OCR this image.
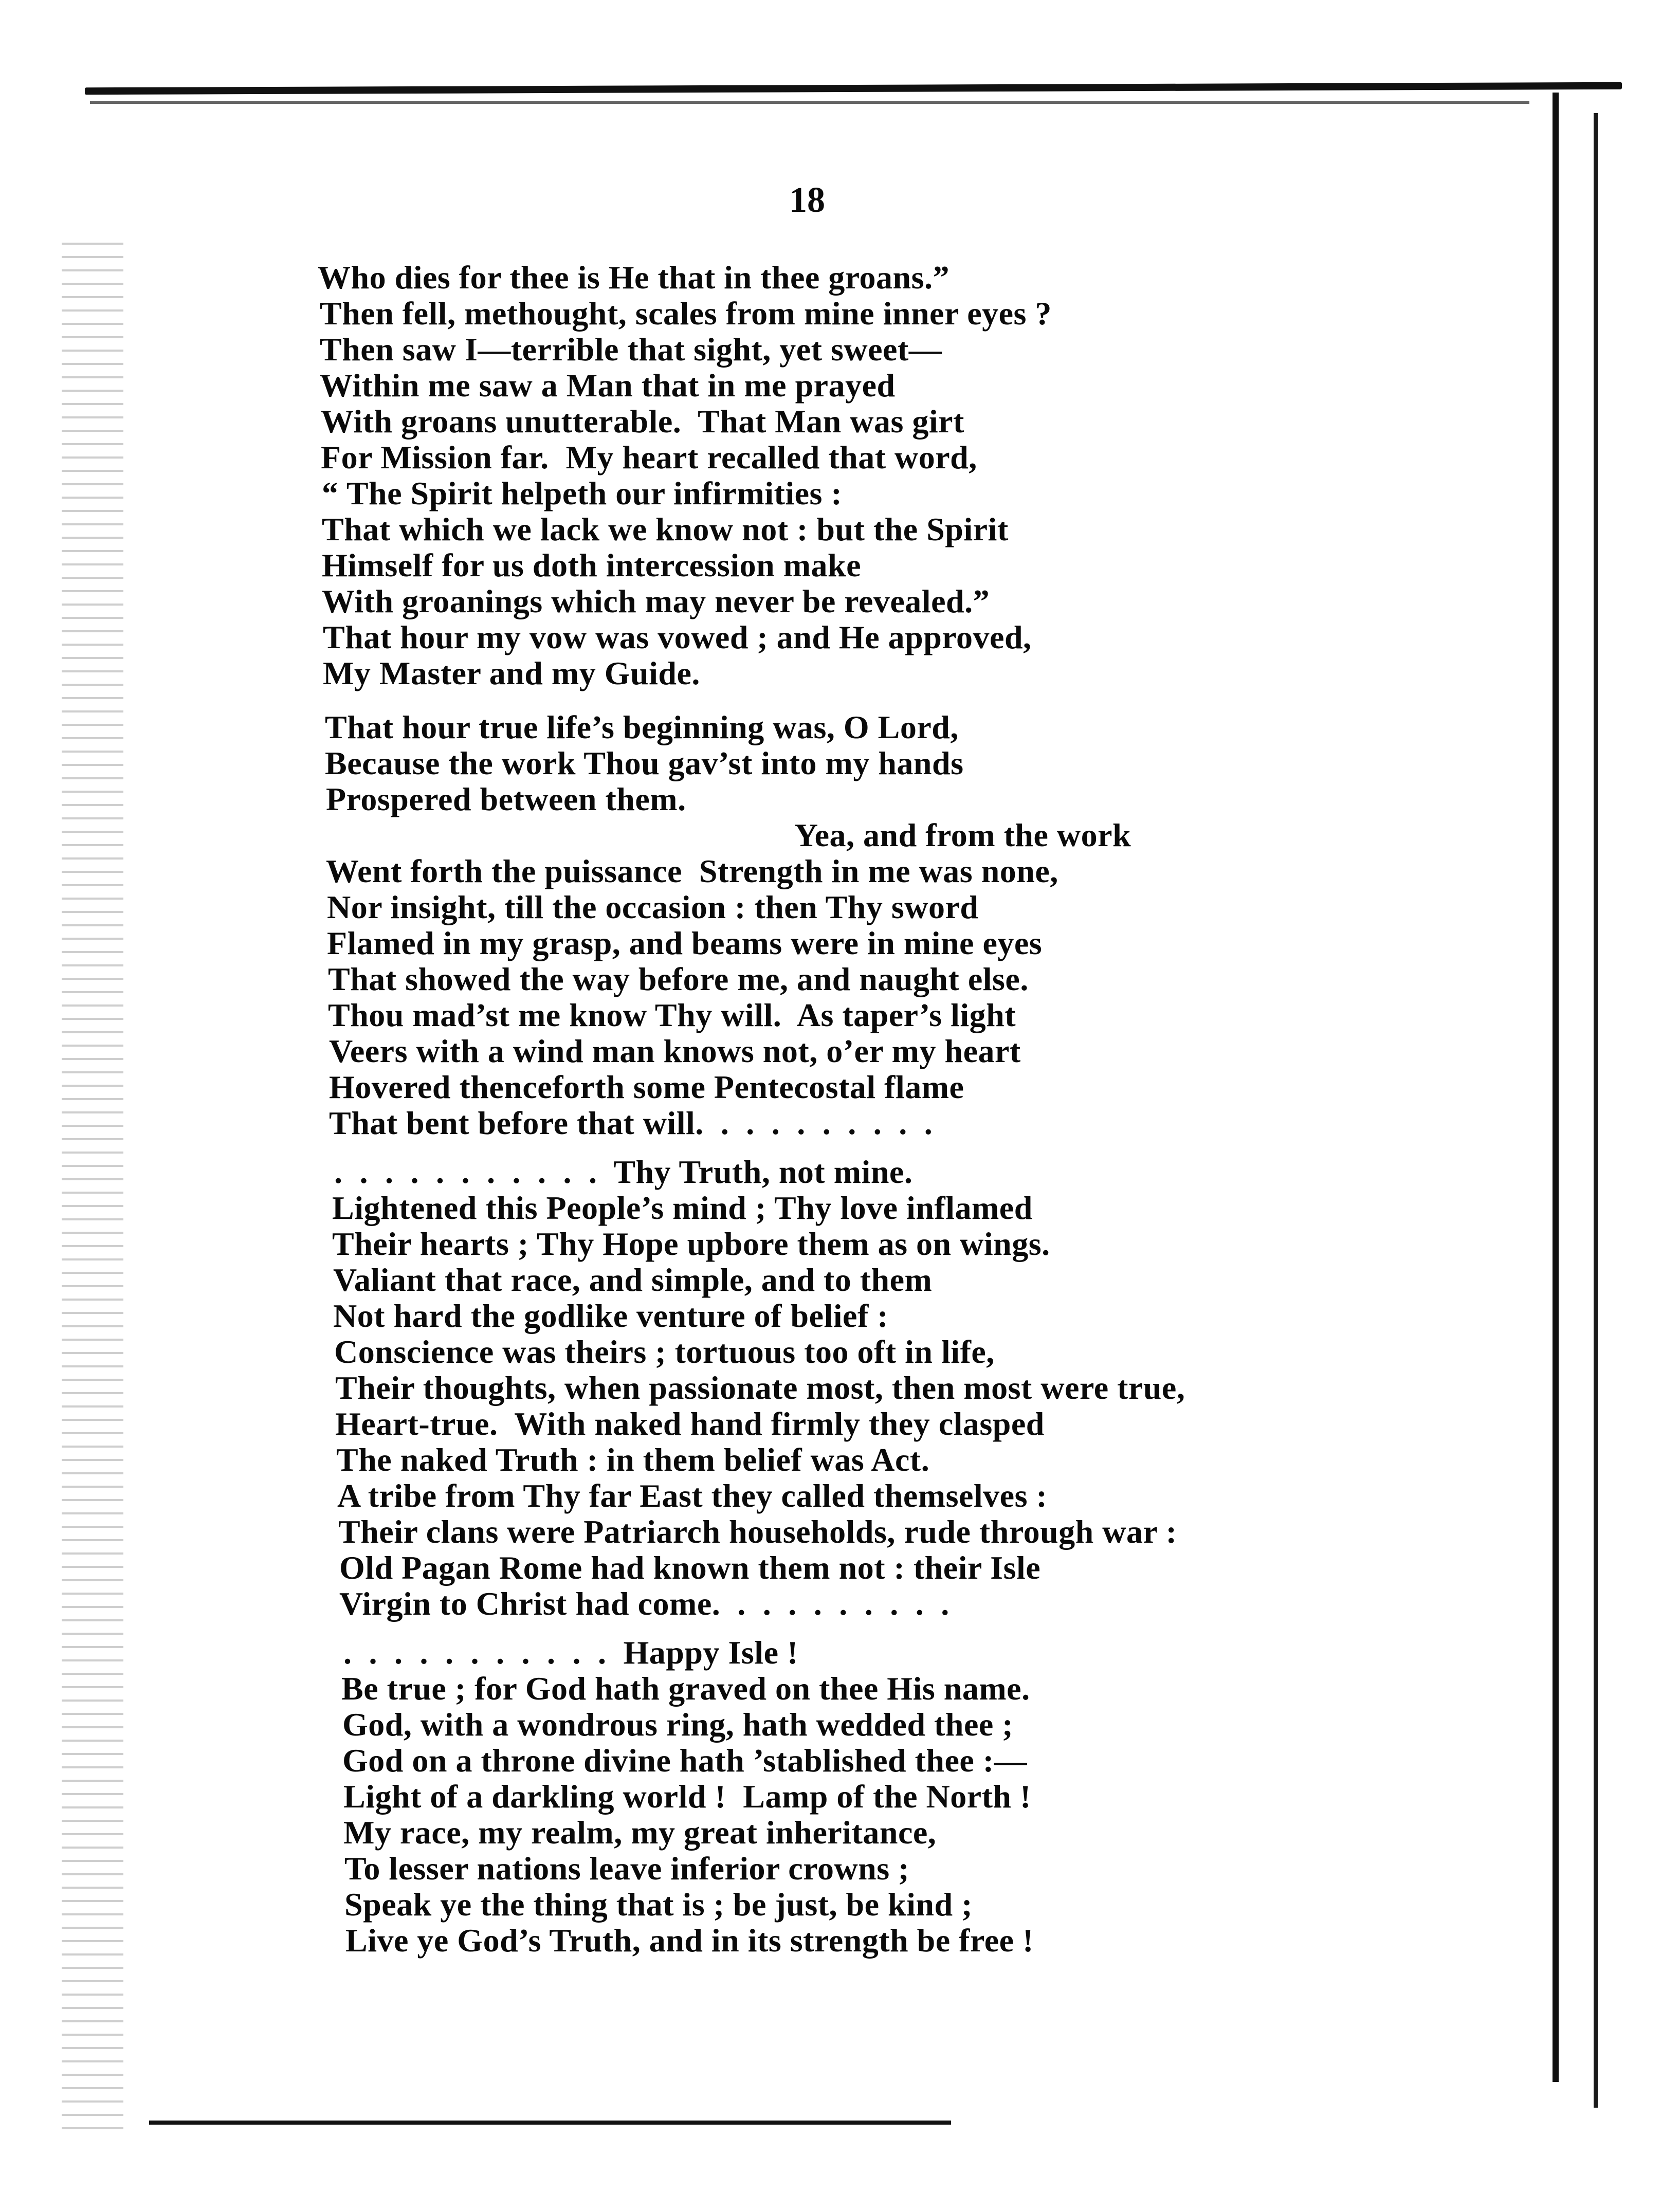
18
Who dies for thee is He that in thee groans.”
Then fell, methought, scales from mine inner eyes ?
Then saw I—terrible that sight, yet sweet—
Within me saw a Man that in me prayed
With groans unutterable.  That Man was girt
For Mission far.  My heart recalled that word,
“ The Spirit helpeth our infirmities :
That which we lack we know not : but the Spirit
Himself for us doth intercession make
With groanings which may never be revealed.”
That hour my vow was vowed ; and He approved,
My Master and my Guide.
That hour true life’s beginning was, O Lord,
Because the work Thou gav’st into my hands
Prospered between them.
Yea, and from the work
Went forth the puissance  Strength in me was none,
Nor insight, till the occasion : then Thy sword
Flamed in my grasp, and beams were in mine eyes
That showed the way before me, and naught else.
Thou mad’st me know Thy will.  As taper’s light
Veers with a wind man knows not, o’er my heart
Hovered thenceforth some Pentecostal flame
That bent before that will.  .  .  .  .  .  .  .  .  .
.  .  .  .  .  .  .  .  .  .  .  Thy Truth, not mine.
Lightened this People’s mind ; Thy love inflamed
Their hearts ; Thy Hope upbore them as on wings.
Valiant that race, and simple, and to them
Not hard the godlike venture of belief :
Conscience was theirs ; tortuous too oft in life,
Their thoughts, when passionate most, then most were true,
Heart-true.  With naked hand firmly they clasped
The naked Truth : in them belief was Act.
A tribe from Thy far East they called themselves :
Their clans were Patriarch households, rude through war :
Old Pagan Rome had known them not : their Isle
Virgin to Christ had come.  .  .  .  .  .  .  .  .  .
.  .  .  .  .  .  .  .  .  .  .  Happy Isle !
Be true ; for God hath graved on thee His name.
God, with a wondrous ring, hath wedded thee ;
God on a throne divine hath ’stablished thee :—
Light of a darkling world !  Lamp of the North !
My race, my realm, my great inheritance,
To lesser nations leave inferior crowns ;
Speak ye the thing that is ; be just, be kind ;
Live ye God’s Truth, and in its strength be free !
